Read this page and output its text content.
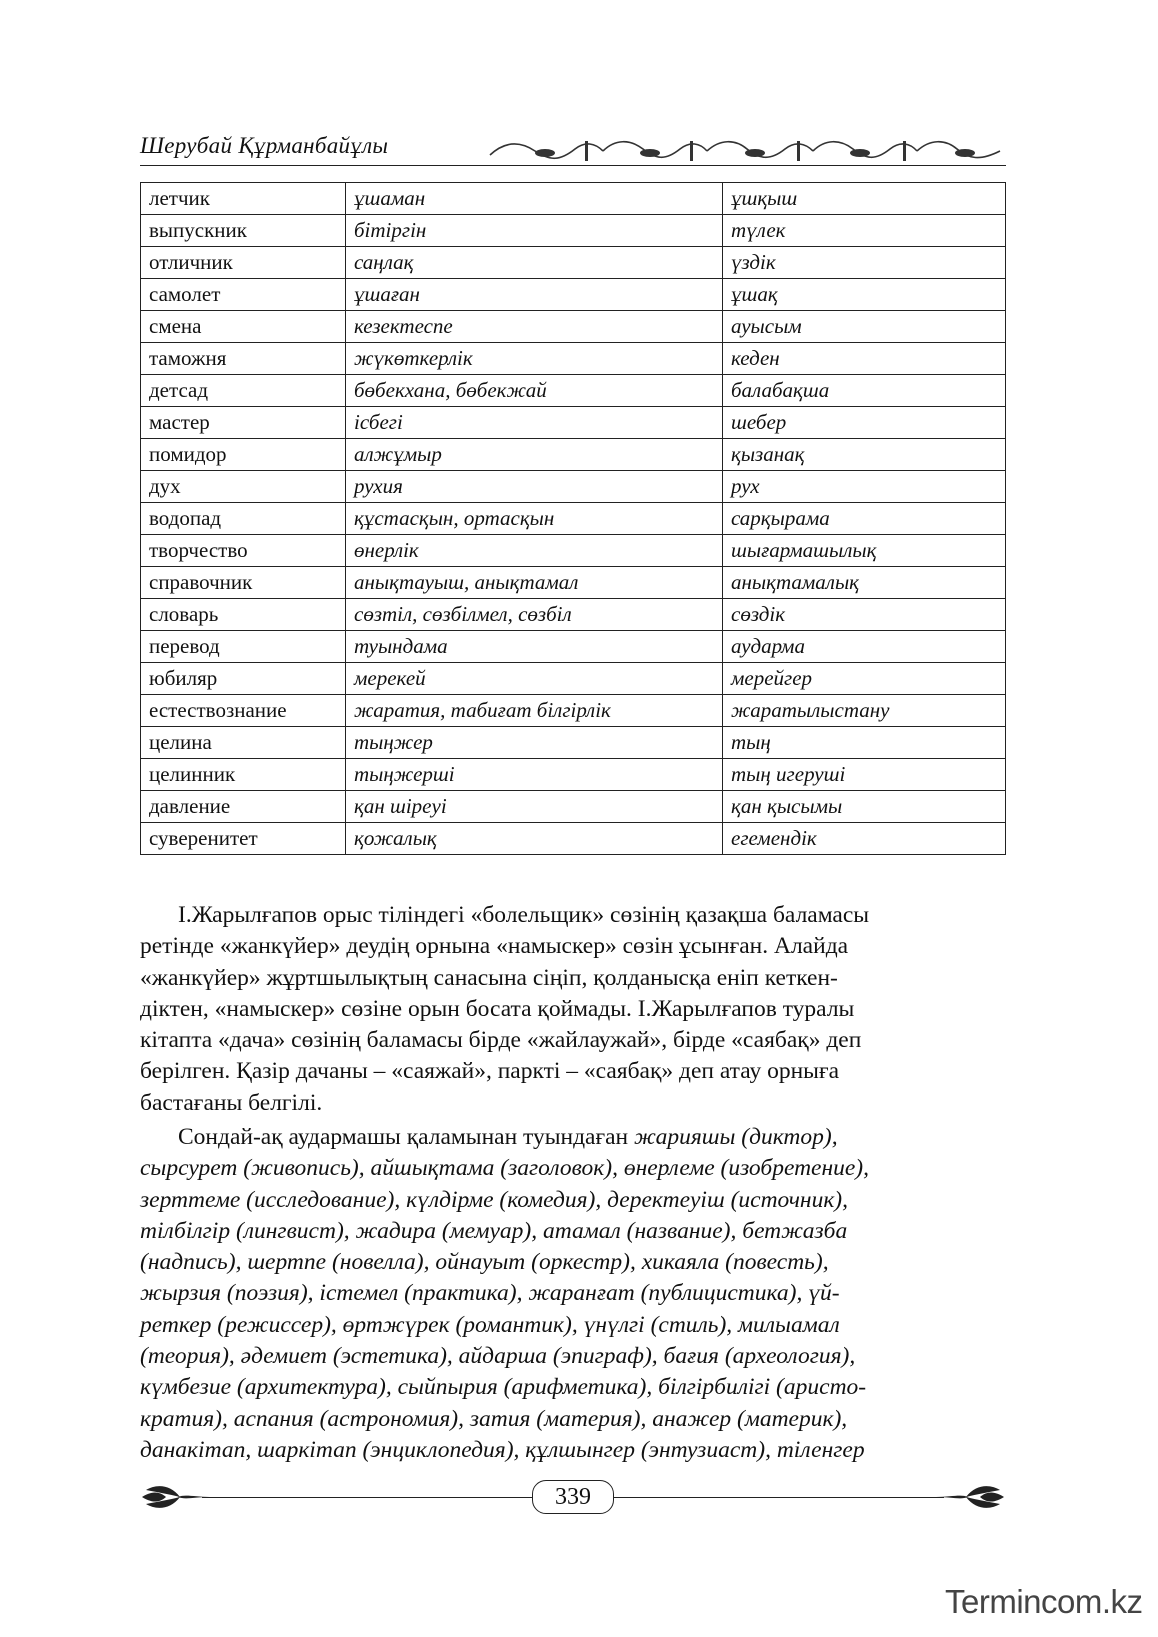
Шерубай Құрманбайұлы
летчик	ұшаман	ұшқыш
выпускник	бітіргін	түлек
отличник	саңлақ	үздік
самолет	ұшаған	ұшақ
смена	кезектеспе	ауысым
таможня	жүкөткерлік	кеден
детсад	бөбекхана, бөбекжай	балабақша
мастер	ісбегі	шебер
помидор	алжұмыр	қызанақ
дух	рухия	рух
водопад	құстасқын, ортасқын	сарқырама
творчество	өнерлік	шығармашылық
справочник	анықтауыш, анықтамал	анықтамалық
словарь	сөзтіл, сөзбілмел, сөзбіл	сөздік
перевод	туындама	аударма
юбиляр	мерекей	мерейгер
естествознание	жаратия, табиғат білгірлік	жаратылыстану
целина	тыңжер	тың
целинник	тыңжерші	тың игеруші
давление	қан шіреуі	қан қысымы
суверенитет	қожалық	егемендік
І.Жарылғапов орыс тіліндегі «болельщик» сөзінің қазақша баламасы
ретінде «жанкүйер» деудің орнына «намыскер» сөзін ұсынған. Алайда
«жанкүйер» жұртшылықтың санасына сіңіп, қолданысқа еніп кеткен-
діктен, «намыскер» сөзіне орын босата қоймады. І.Жарылғапов туралы
кітапта «дача» сөзінің баламасы бірде «жайлаужай», бірде «саябақ» деп
берілген. Қазір дачаны – «саяжай», паркті – «саябақ» деп атау орнығa
бастағаны белгілі.
Сондай-ақ аудармашы қаламынан туындаған жарияшы (диктор),
сырсурет (живопись), айшықтама (заголовок), өнерлеме (изобретение),
зерттеме (исследование), күлдірме (комедия), деректеуіш (источник),
тілбілгір (лингвист), жадира (мемуар), атамал (название), бетжазба
(надпись), шертпе (новелла), ойнауыт (оркестр), хикаяла (повесть),
жырзия (поэзия), істемел (практика), жаранғат (публицистика), үй-
реткер (режиссер), өртжүрек (романтик), үнүлгі (стиль), милыамал
(теория), әдемиет (эстетика), айдарша (эпиграф), бағия (археология),
күмбезие (архитектура), сыйпырия (арифметика), білгірбилігі (аристо-
кратия), аспания (астрономия), затия (материя), анажер (материк),
данакітап, шаркітап (энциклопедия), құлшынгер (энтузиаст), тіленгер
339
Termincom.kz
